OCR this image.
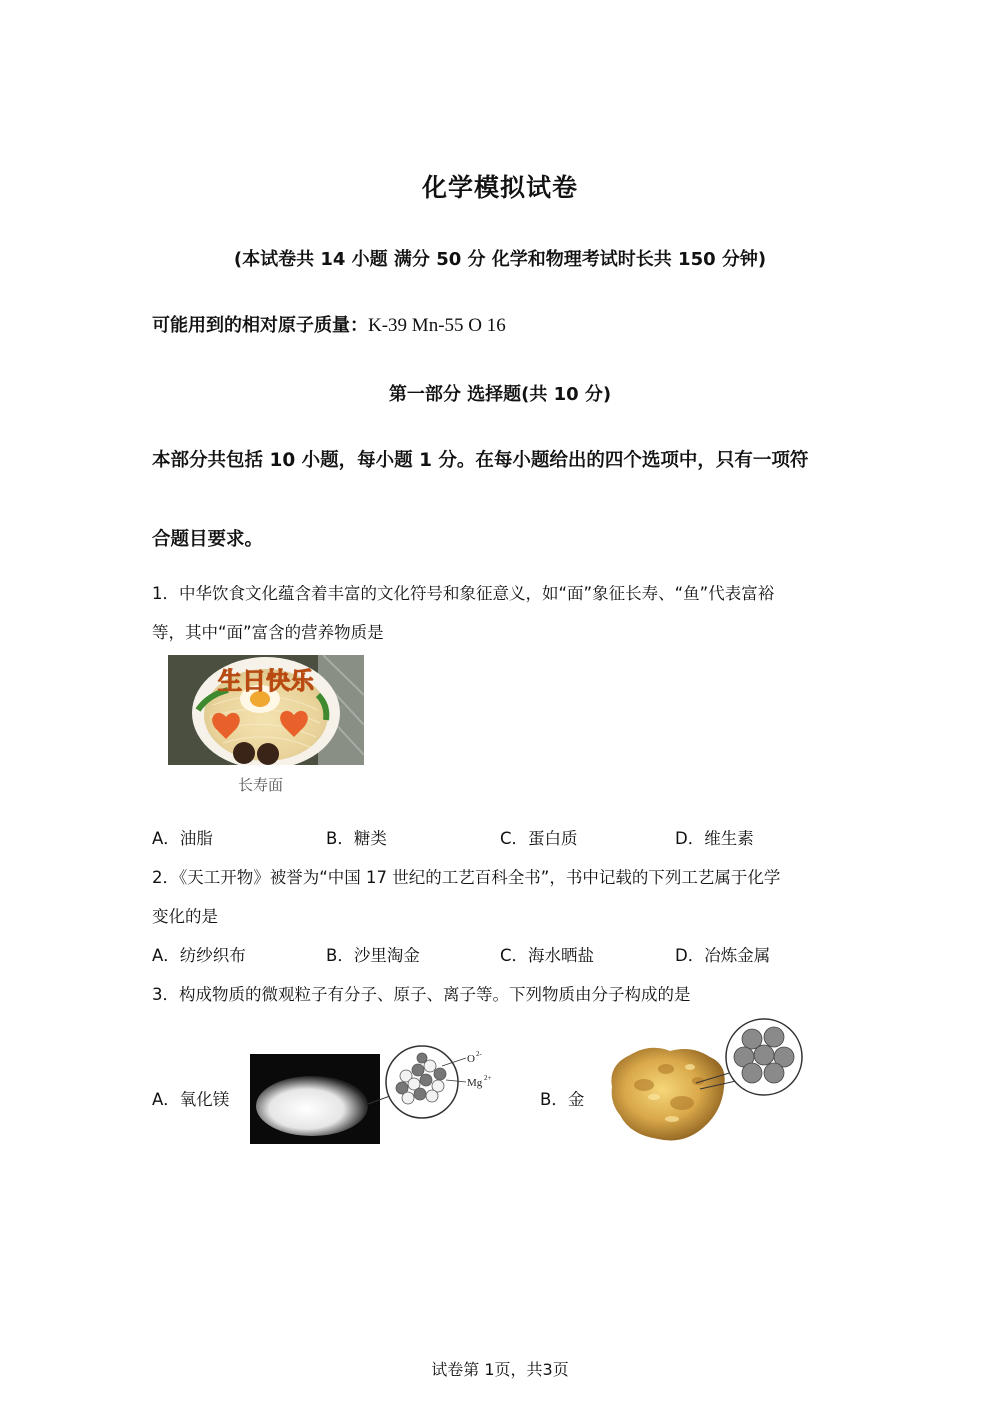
化学模拟试卷
(本试卷共 14 小题 满分 50 分 化学和物理考试时长共 150 分钟)
可能用到的相对原子质量：K-39 Mn-55 O 16
第一部分 选择题(共 10 分)
本部分共包括 10 小题，每小题 1 分。在每小题给出的四个选项中，只有一项符
合题目要求。
1．中华饮食文化蕴含着丰富的文化符号和象征意义，如“面”象征长寿、“鱼”代表富裕
等，其中“面”富含的营养物质是
生日快乐
长寿面
A．油脂	B．糖类	C．蛋白质	D．维生素
2．《天工开物》被誉为“中国 17 世纪的工艺百科全书”，书中记载的下列工艺属于化学
变化的是
A．纺纱织布	B．沙里淘金	C．海水晒盐	D．冶炼金属
3．构成物质的微观粒子有分子、原子、离子等。下列物质由分子构成的是
A．氧化镁
O 2-
Mg 2+
B．金
试卷第 1页，共3页
